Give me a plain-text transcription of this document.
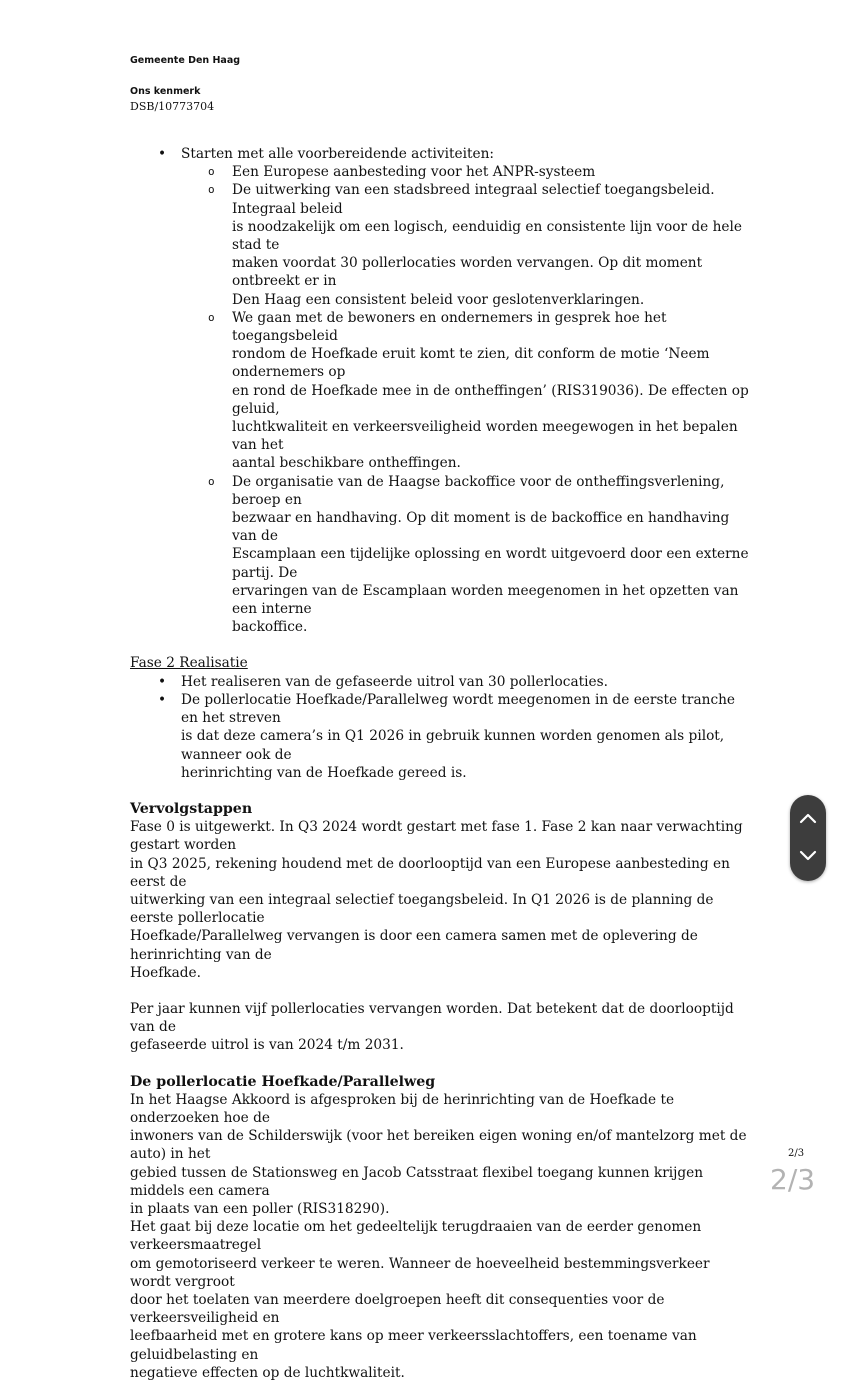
Gemeente Den Haag
Ons kenmerk
DSB/10773704

• Starten met alle voorbereidende activiteiten:

o Een Europese aanbesteding voor het ANPR-systeem

o De uitwerking van een stadsbreed integraal selectief toegangsbeleid. Integraal beleid
is noodzakelijk om een logisch, eenduidig en consistente lijn voor de hele stad te
maken voordat 30 pollerlocaties worden vervangen. Op dit moment ontbreekt er in
Den Haag een consistent beleid voor geslotenverklaringen.

o We gaan met de bewoners en ondernemers in gesprek hoe het toegangsbeleid
rondom de Hoefkade eruit komt te zien, dit conform de motie ‘Neem ondernemers op
en rond de Hoefkade mee in de ontheffingen’ (RIS319036). De effecten op geluid,
luchtkwaliteit en verkeersveiligheid worden meegewogen in het bepalen van het
aantal beschikbare ontheffingen.

o De organisatie van de Haagse backoffice voor de ontheffingsverlening, beroep en
bezwaar en handhaving. Op dit moment is de backoffice en handhaving van de
Escamplaan een tijdelijke oplossing en wordt uitgevoerd door een externe partij. De
ervaringen van de Escamplaan worden meegenomen in het opzetten van een interne
backoffice.

Fase 2 Realisatie

• Het realiseren van de gefaseerde uitrol van 30 pollerlocaties.

• De pollerlocatie Hoefkade/Parallelweg wordt meegenomen in de eerste tranche en het streven
is dat deze camera’s in Q1 2026 in gebruik kunnen worden genomen als pilot, wanneer ook de
herinrichting van de Hoefkade gereed is.

Vervolgstappen

Fase 0 is uitgewerkt. In Q3 2024 wordt gestart met fase 1. Fase 2 kan naar verwachting gestart worden
in Q3 2025, rekening houdend met de doorlooptijd van een Europese aanbesteding en eerst de
uitwerking van een integraal selectief toegangsbeleid. In Q1 2026 is de planning de eerste pollerlocatie
Hoefkade/Parallelweg vervangen is door een camera samen met de oplevering de herinrichting van de
Hoefkade.

Per jaar kunnen vijf pollerlocaties vervangen worden. Dat betekent dat de doorlooptijd van de
gefaseerde uitrol is van 2024 t/m 2031.

De pollerlocatie Hoefkade/Parallelweg

In het Haagse Akkoord is afgesproken bij de herinrichting van de Hoefkade te onderzoeken hoe de
inwoners van de Schilderswijk (voor het bereiken eigen woning en/of mantelzorg met de auto) in het
gebied tussen de Stationsweg en Jacob Catsstraat flexibel toegang kunnen krijgen middels een camera
in plaats van een poller (RIS318290).

Het gaat bij deze locatie om het gedeeltelijk terugdraaien van de eerder genomen verkeersmaatregel
om gemotoriseerd verkeer te weren. Wanneer de hoeveelheid bestemmingsverkeer wordt vergroot
door het toelaten van meerdere doelgroepen heeft dit consequenties voor de verkeersveiligheid en
leefbaarheid met en grotere kans op meer verkeersslachtoffers, een toename van geluidbelasting en
negatieve effecten op de luchtkwaliteit.

2/3
2/3
